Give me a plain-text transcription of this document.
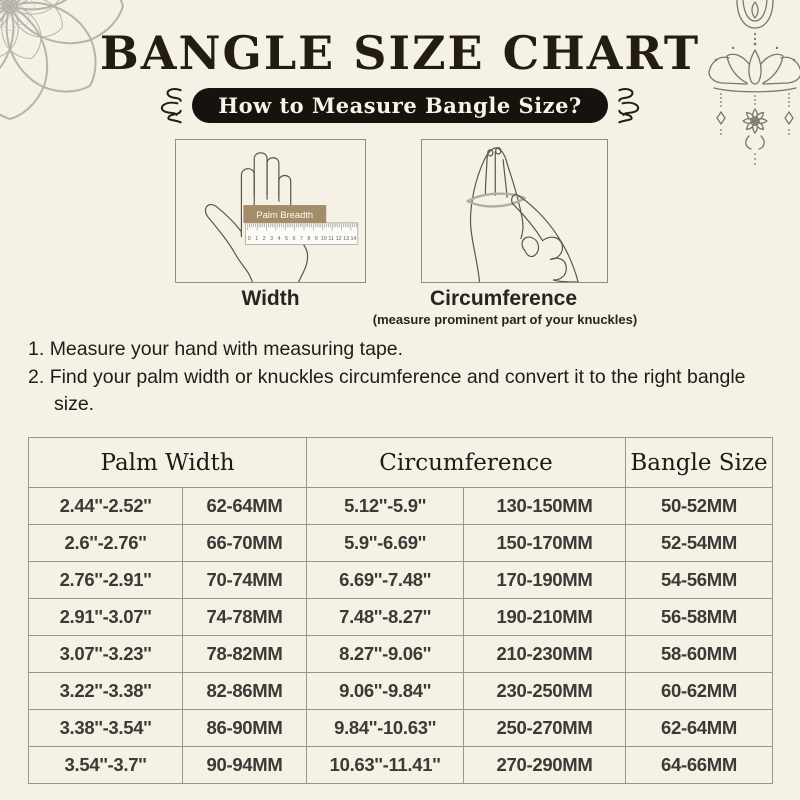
BANGLE SIZE CHART
How to Measure Bangle Size?
0 1 2 3 4 5 6 7 8 9 10 11 12 13 14
Palm Breadth
Width	Circumference
(measure prominent part of your knuckles)

1. Measure your hand with measuring tape.

2. Find your palm width or knuckles circumference and convert it to the right bangle size.

Palm Width		Circumference		Bangle Size
2.44''-2.52''	62-64MM	5.12''-5.9''	130-150MM	50-52MM
2.6''-2.76''	66-70MM	5.9''-6.69''	150-170MM	52-54MM
2.76''-2.91''	70-74MM	6.69''-7.48''	170-190MM	54-56MM
2.91''-3.07''	74-78MM	7.48''-8.27''	190-210MM	56-58MM
3.07''-3.23''	78-82MM	8.27''-9.06''	210-230MM	58-60MM
3.22''-3.38''	82-86MM	9.06''-9.84''	230-250MM	60-62MM
3.38''-3.54''	86-90MM	9.84''-10.63''	250-270MM	62-64MM
3.54''-3.7''	90-94MM	10.63''-11.41''	270-290MM	64-66MM
